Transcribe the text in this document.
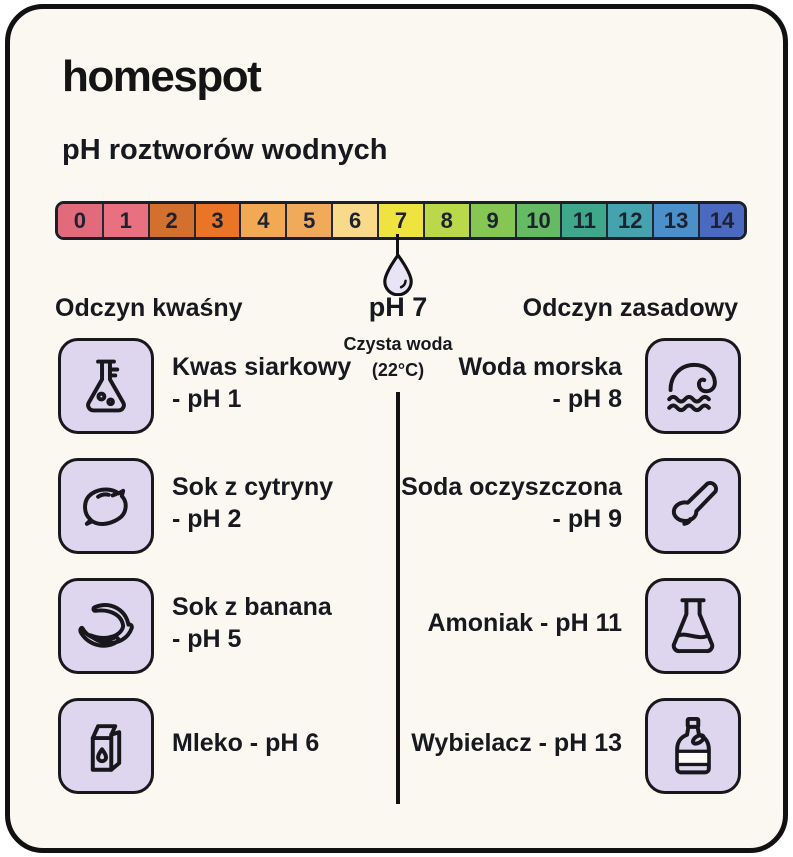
homespot
pH roztworów wodnych
0 1 2 3 4 5 6 7 8 9 10 11 12 13 14
pH 7
Czysta woda
(22°C)
Odczyn kwaśny	Odczyn zasadowy
Kwas siarkowy
- pH 1
Sok z cytryny
- pH 2
Sok z banana
- pH 5
Mleko - pH 6
Woda morska
- pH 8
Soda oczyszczona
- pH 9
Amoniak - pH 11
Wybielacz - pH 13
